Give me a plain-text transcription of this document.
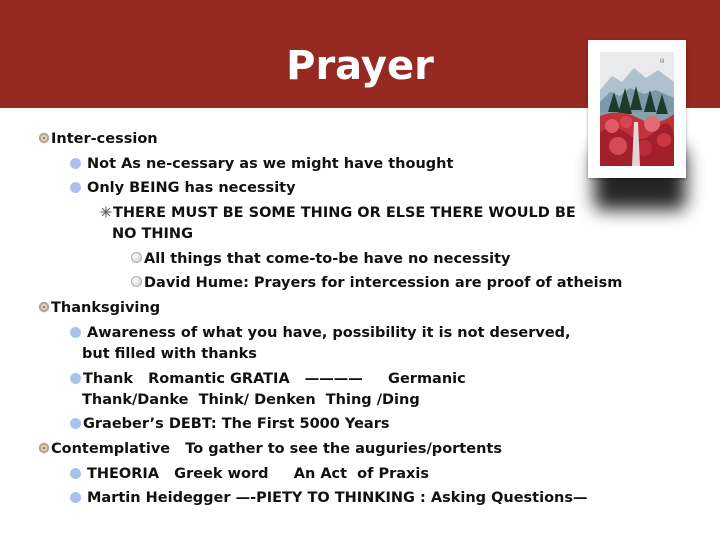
Prayer	|||
Inter-cession
Not As ne-cessary as we might have thought
Only BEING has necessity
THERE MUST BE SOME THING OR ELSE THERE WOULD BE NO THING
All things that come-to-be have no necessity
David Hume: Prayers for intercession are proof of atheism
Thanksgiving
Awareness of what you have, possibility it is not deserved, but filled with thanks
Thank   Romantic GRATIA   ————     Germanic Thank/Danke  Think/ Denken  Thing /Ding
Graeber’s DEBT: The First 5000 Years
Contemplative   To gather to see the auguries/portents
THEORIA   Greek word     An Act  of Praxis
Martin Heidegger —-PIETY TO THINKING : Asking Questions—
